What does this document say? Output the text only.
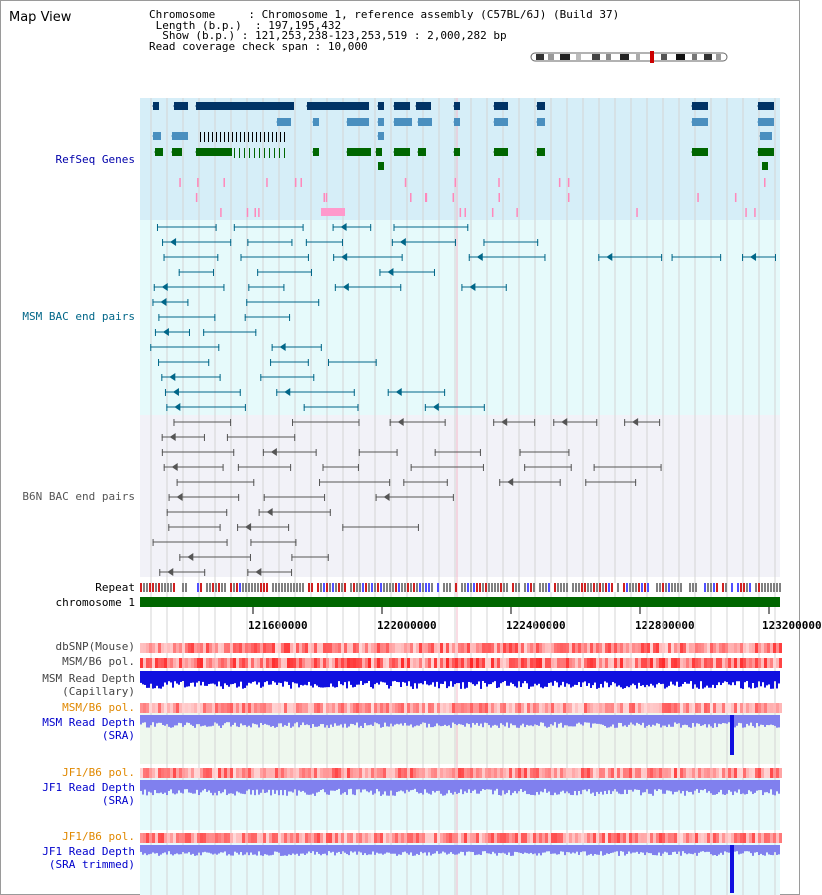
Map View	Chromosome     : Chromosome 1, reference assembly (C57BL/6J) (Build 37)
Length (b.p.)  : 197,195,432
Show (b.p.) : 121,253,238-123,253,519 : 2,000,282 bp
Read coverage check span : 10,000
RefSeq Genes
MSM BAC end pairs
B6N BAC end pairs
Repeat
chromosome 1
dbSNP(Mouse)
MSM/B6 pol.
MSM Read Depth
(Capillary)
MSM/B6 pol.
MSM Read Depth
(SRA)
JF1/B6 pol.
JF1 Read Depth
(SRA)
JF1/B6 pol.
JF1 Read Depth
(SRA trimmed)
121600000	122000000	122400000	122800000	123200000
